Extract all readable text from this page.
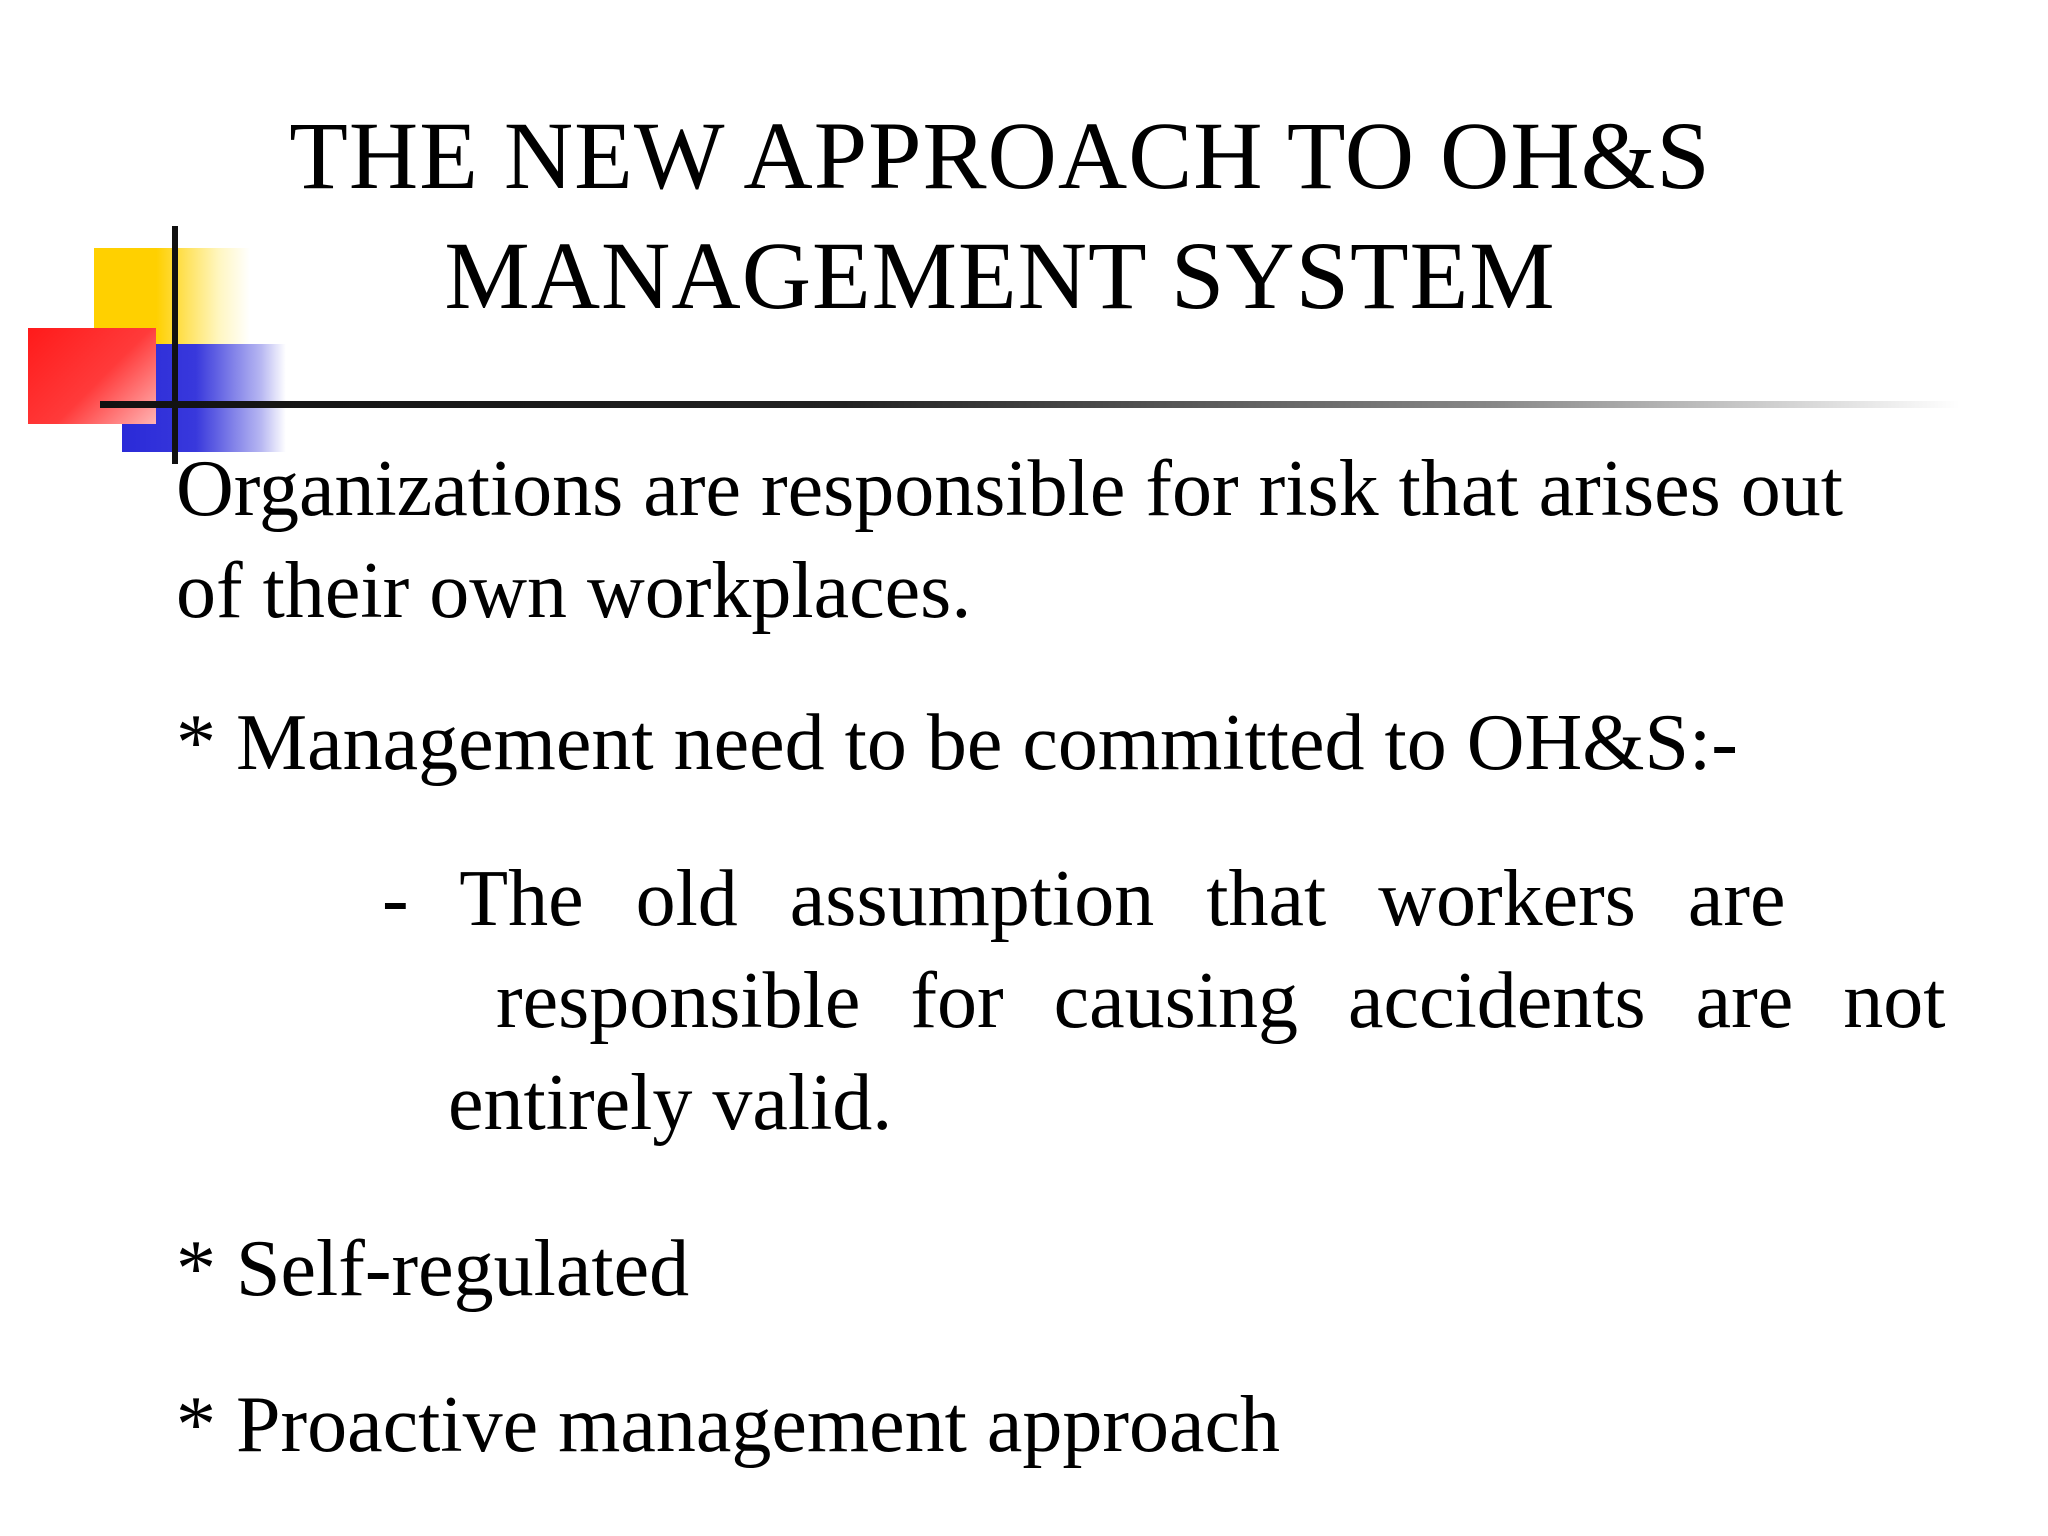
THE NEW APPROACH TO OH&S
MANAGEMENT SYSTEM
Organizations are responsible for risk that arises out
of their own workplaces.
* Management need to be committed to OH&S:-
- The old assumption that workers are
responsible for causing accidents are not
entirely valid.
* Self-regulated
* Proactive management approach
